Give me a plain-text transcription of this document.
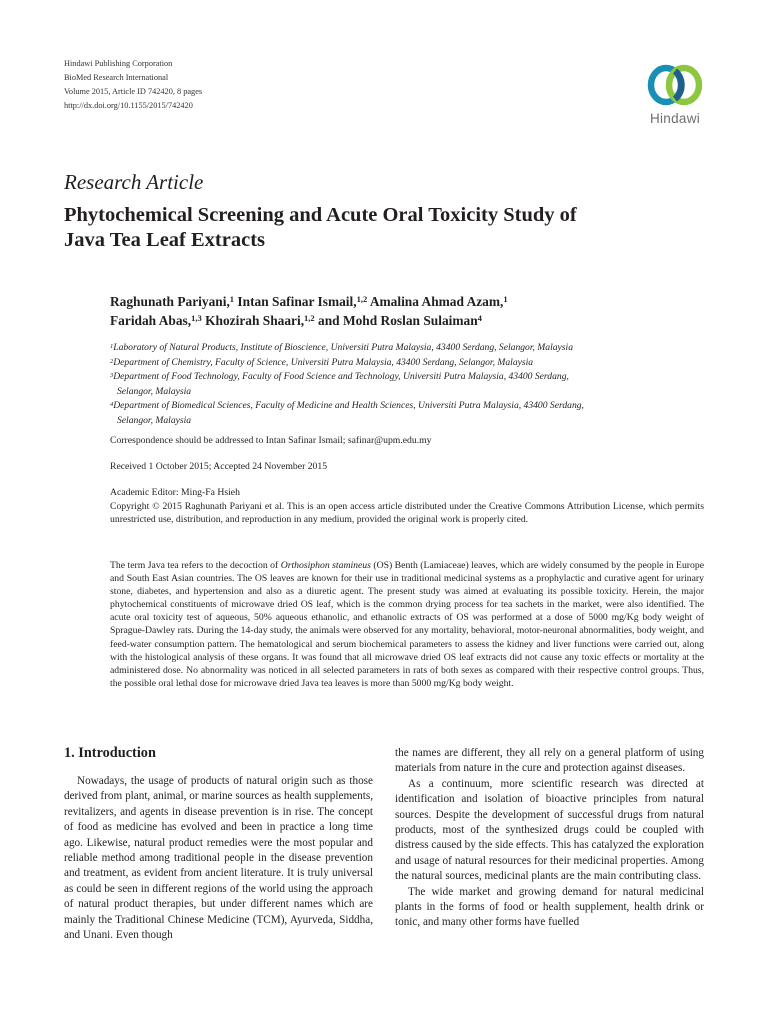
Hindawi Publishing Corporation
BioMed Research International
Volume 2015, Article ID 742420, 8 pages
http://dx.doi.org/10.1155/2015/742420
Hindawi
Research Article
Phytochemical Screening and Acute Oral Toxicity Study of
Java Tea Leaf Extracts
Raghunath Pariyani,$^1$ Intan Safinar Ismail,$^{1,2}$ Amalina Ahmad Azam,$^1$
Faridah Abas,$^{1,3}$ Khozirah Shaari,$^{1,2}$ and Mohd Roslan Sulaiman$^4$
$^1$Laboratory of Natural Products, Institute of Bioscience, Universiti Putra Malaysia, 43400 Serdang, Selangor, Malaysia
$^2$Department of Chemistry, Faculty of Science, Universiti Putra Malaysia, 43400 Serdang, Selangor, Malaysia
$^3$Department of Food Technology, Faculty of Food Science and Technology, Universiti Putra Malaysia, 43400 Serdang,
Selangor, Malaysia
$^4$Department of Biomedical Sciences, Faculty of Medicine and Health Sciences, Universiti Putra Malaysia, 43400 Serdang,
Selangor, Malaysia
Correspondence should be addressed to Intan Safinar Ismail; safinar@upm.edu.my
Received 1 October 2015; Accepted 24 November 2015
Academic Editor: Ming-Fa Hsieh
Copyright © 2015 Raghunath Pariyani et al. This is an open access article distributed under the Creative Commons Attribution License, which permits unrestricted use, distribution, and reproduction in any medium, provided the original work is properly cited.
The term Java tea refers to the decoction of Orthosiphon stamineus (OS) Benth (Lamiaceae) leaves, which are widely consumed by the people in Europe and South East Asian countries. The OS leaves are known for their use in traditional medicinal systems as a prophylactic and curative agent for urinary stone, diabetes, and hypertension and also as a diuretic agent. The present study was aimed at evaluating its possible toxicity. Herein, the major phytochemical constituents of microwave dried OS leaf, which is the common drying process for tea sachets in the market, were also identified. The acute oral toxicity test of aqueous, 50% aqueous ethanolic, and ethanolic extracts of OS was performed at a dose of 5000 mg/Kg body weight of Sprague-Dawley rats. During the 14-day study, the animals were observed for any mortality, behavioral, motor-neuronal abnormalities, body weight, and feed-water consumption pattern. The hematological and serum biochemical parameters to assess the kidney and liver functions were carried out, along with the histological analysis of these organs. It was found that all microwave dried OS leaf extracts did not cause any toxic effects or mortality at the administered dose. No abnormality was noticed in all selected parameters in rats of both sexes as compared with their respective control groups. Thus, the possible oral lethal dose for microwave dried Java tea leaves is more than 5000 mg/Kg body weight.
1. Introduction

Nowadays, the usage of products of natural origin such as those derived from plant, animal, or marine sources as health supplements, revitalizers, and agents in disease prevention is in rise. The concept of food as medicine has evolved and been in practice a long time ago. Likewise, natural product remedies were the most popular and reliable method among traditional people in the disease prevention and treatment, as evident from ancient literature. It is truly universal as could be seen in different regions of the world using the approach of natural product therapies, but under different names which are mainly the Traditional Chinese Medicine (TCM), Ayurveda, Siddha, and Unani. Even though

the names are different, they all rely on a general platform of using materials from nature in the cure and protection against diseases.

As a continuum, more scientific research was directed at identification and isolation of bioactive principles from natural sources. Despite the development of successful drugs from natural products, most of the synthesized drugs could be coupled with distress caused by the side effects. This has catalyzed the exploration and usage of natural resources for their medicinal properties. Among the natural sources, medicinal plants are the main contributing class.

The wide market and growing demand for natural medicinal plants in the forms of food or health supplement, health drink or tonic, and many other forms have fuelled
